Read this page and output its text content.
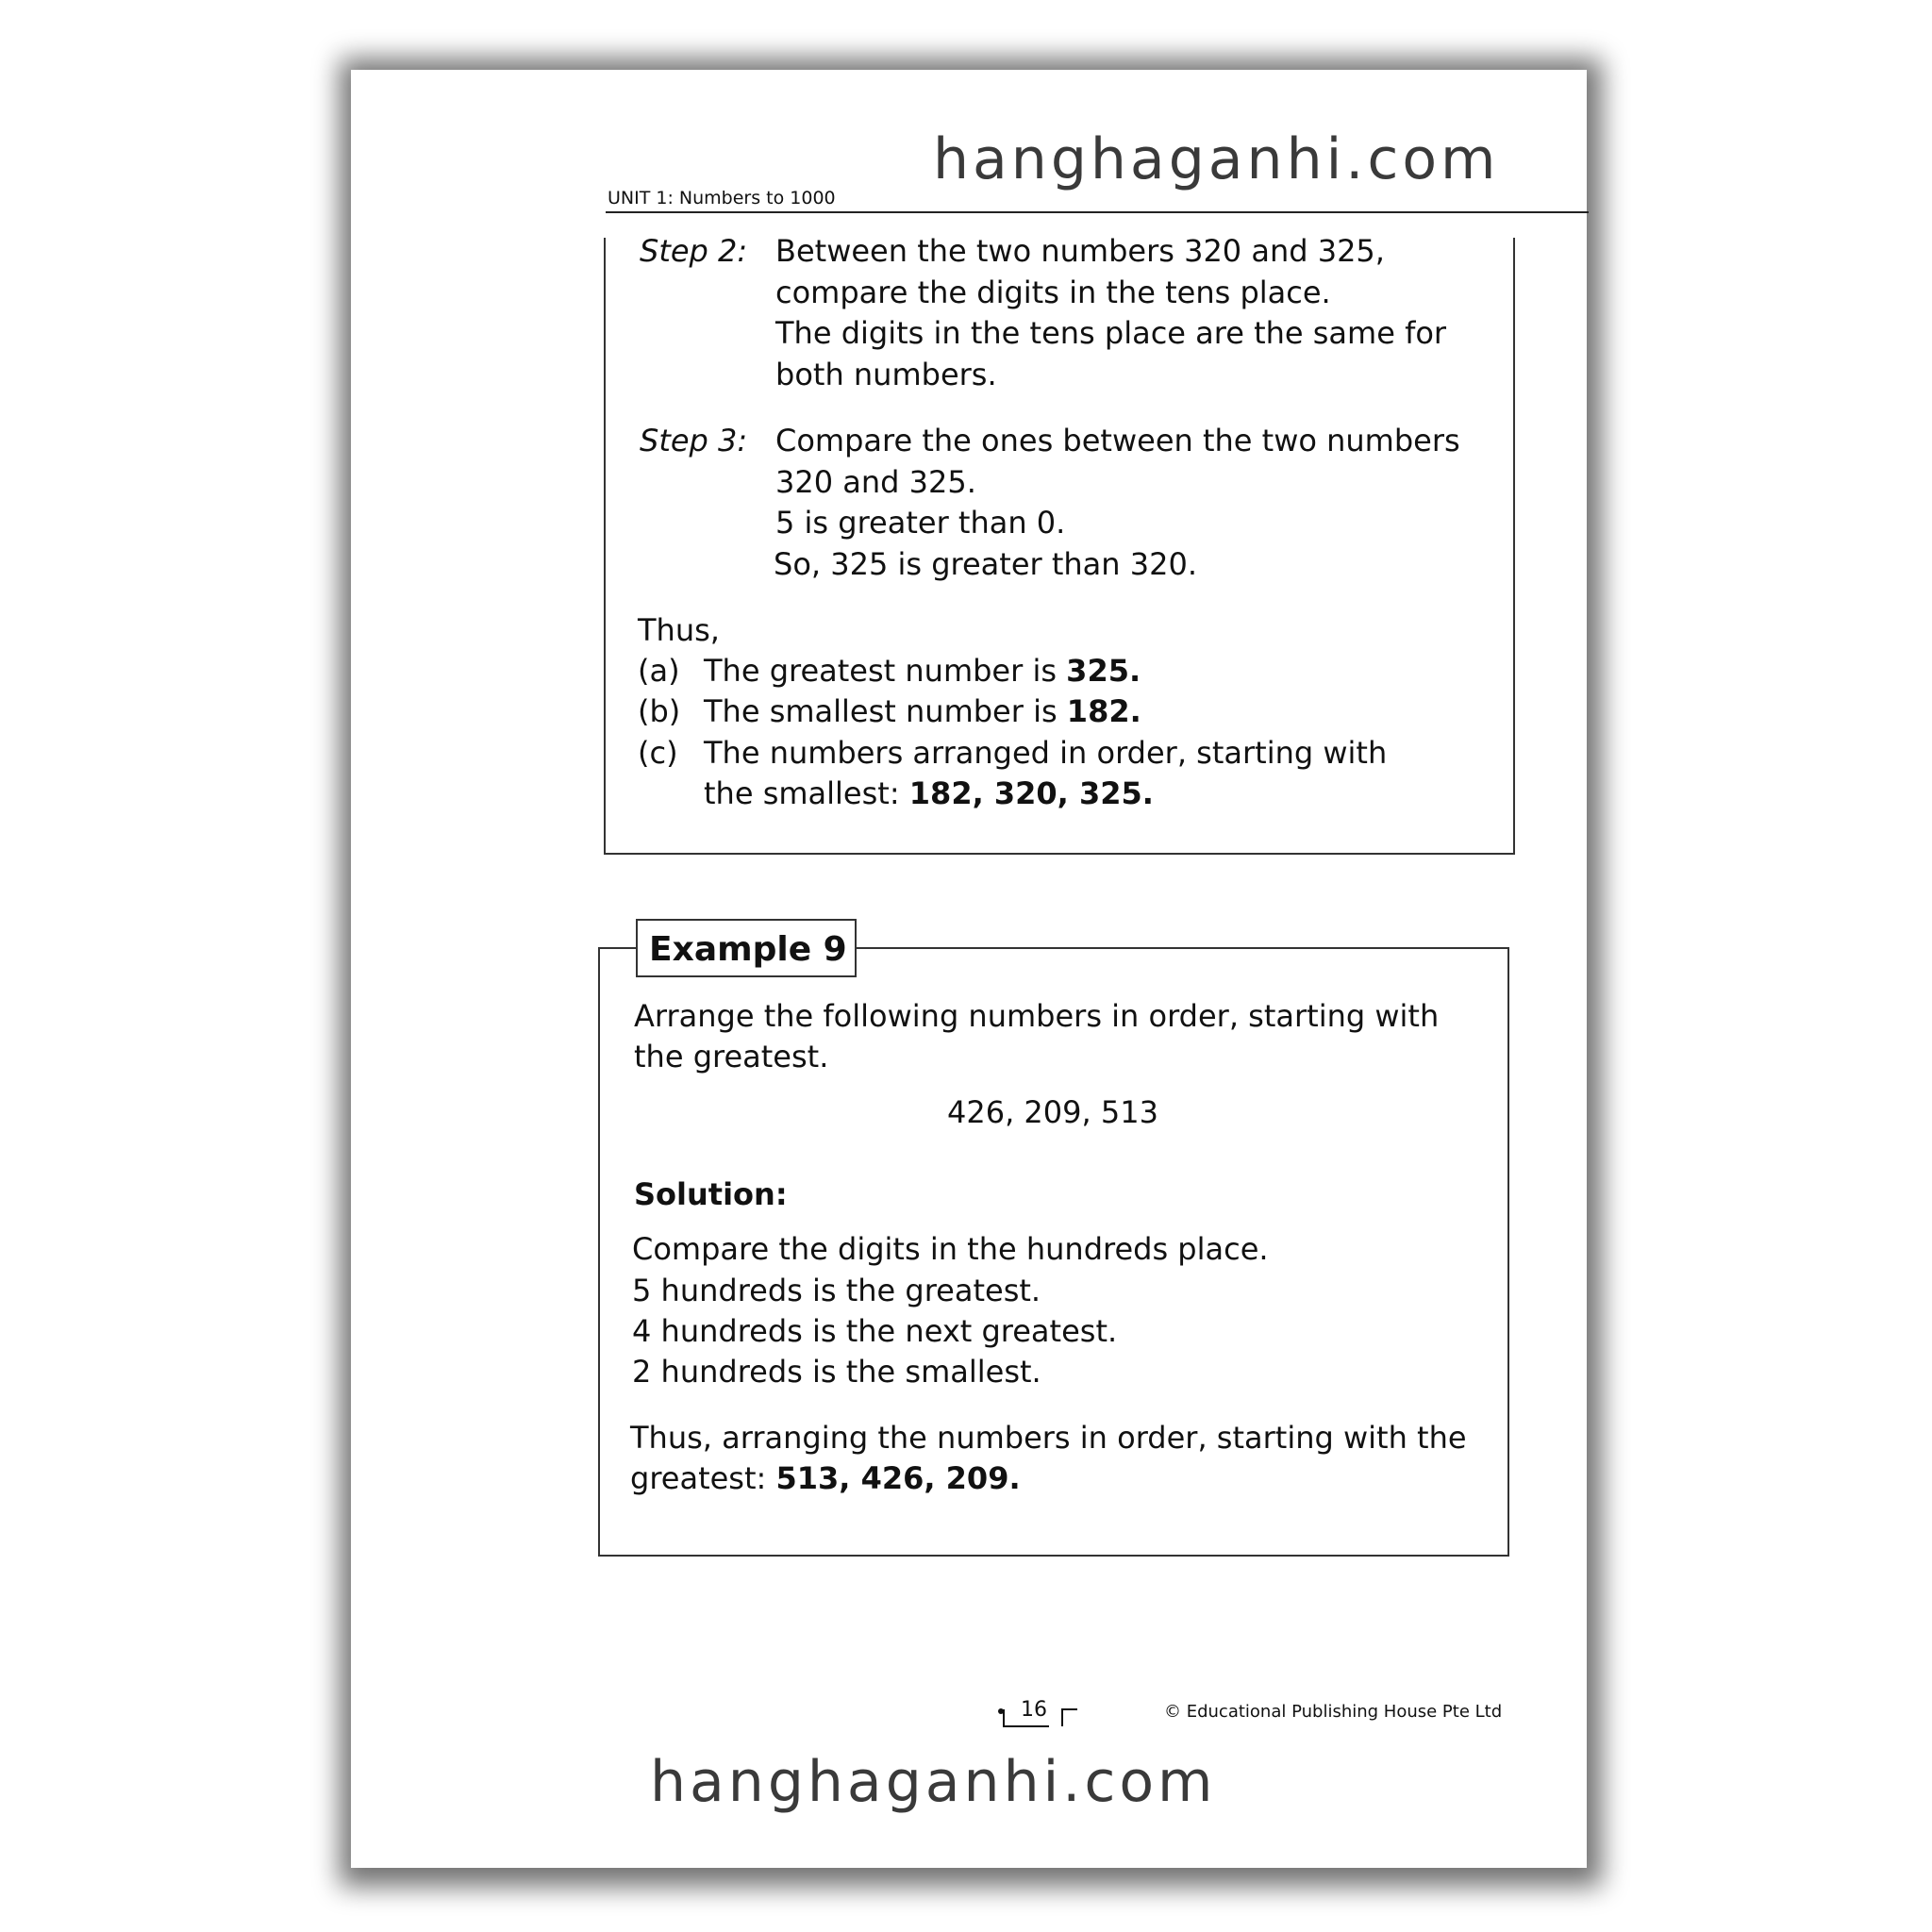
hanghaganhi.com
UNIT 1: Numbers to 1000
Step 2: Between the two numbers 320 and 325,
compare the digits in the tens place.
The digits in the tens place are the same for
both numbers.
Step 3: Compare the ones between the two numbers
320 and 325.
5 is greater than 0.
So, 325 is greater than 320.
Thus,
(a) The greatest number is 325.
(b) The smallest number is 182.
(c) The numbers arranged in order, starting with
the smallest: 182, 320, 325.
Example 9
Arrange the following numbers in order, starting with
the greatest.
426, 209, 513
Solution:
Compare the digits in the hundreds place.
5 hundreds is the greatest.
4 hundreds is the next greatest.
2 hundreds is the smallest.
Thus, arranging the numbers in order, starting with the
greatest: 513, 426, 209.
16	© Educational Publishing House Pte Ltd
hanghaganhi.com
